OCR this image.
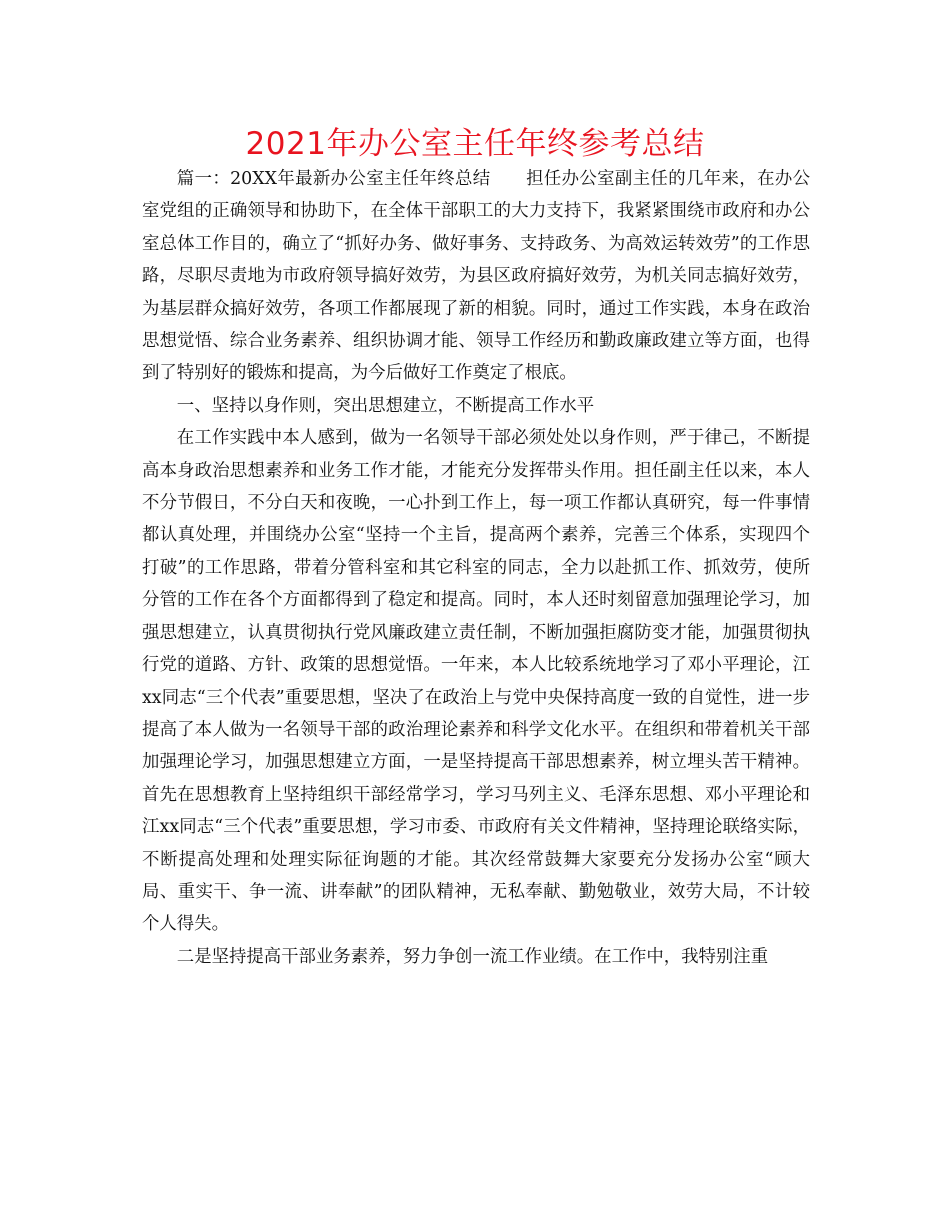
2021年办公室主任年终参考总结

篇一：20XX年最新办公室主任年终总结　　担任办公室副主任的几年来，在办公室党组的正确领导和协助下，在全体干部职工的大力支持下，我紧紧围绕市政府和办公室总体工作目的，确立了“抓好办务、做好事务、支持政务、为高效运转效劳”的工作思路，尽职尽责地为市政府领导搞好效劳，为县区政府搞好效劳，为机关同志搞好效劳，为基层群众搞好效劳，各项工作都展现了新的相貌。同时，通过工作实践，本身在政治思想觉悟、综合业务素养、组织协调才能、领导工作经历和勤政廉政建立等方面，也得到了特别好的锻炼和提高，为今后做好工作奠定了根底。

一、坚持以身作则，突出思想建立，不断提高工作水平

在工作实践中本人感到，做为一名领导干部必须处处以身作则，严于律己，不断提高本身政治思想素养和业务工作才能，才能充分发挥带头作用。担任副主任以来，本人不分节假日，不分白天和夜晚，一心扑到工作上，每一项工作都认真研究，每一件事情都认真处理，并围绕办公室“坚持一个主旨，提高两个素养，完善三个体系，实现四个打破”的工作思路，带着分管科室和其它科室的同志，全力以赴抓工作、抓效劳，使所分管的工作在各个方面都得到了稳定和提高。同时，本人还时刻留意加强理论学习，加强思想建立，认真贯彻执行党风廉政建立责任制，不断加强拒腐防变才能，加强贯彻执行党的道路、方针、政策的思想觉悟。一年来，本人比较系统地学习了邓小平理论，江xx同志“三个代表”重要思想，坚决了在政治上与党中央保持高度一致的自觉性，进一步提高了本人做为一名领导干部的政治理论素养和科学文化水平。在组织和带着机关干部加强理论学习，加强思想建立方面，一是坚持提高干部思想素养，树立埋头苦干精神。首先在思想教育上坚持组织干部经常学习，学习马列主义、毛泽东思想、邓小平理论和江xx同志“三个代表”重要思想，学习市委、市政府有关文件精神，坚持理论联络实际，不断提高处理和处理实际征询题的才能。其次经常鼓舞大家要充分发扬办公室“顾大局、重实干、争一流、讲奉献”的团队精神，无私奉献、勤勉敬业，效劳大局，不计较个人得失。

二是坚持提高干部业务素养，努力争创一流工作业绩。在工作中，我特别注重
